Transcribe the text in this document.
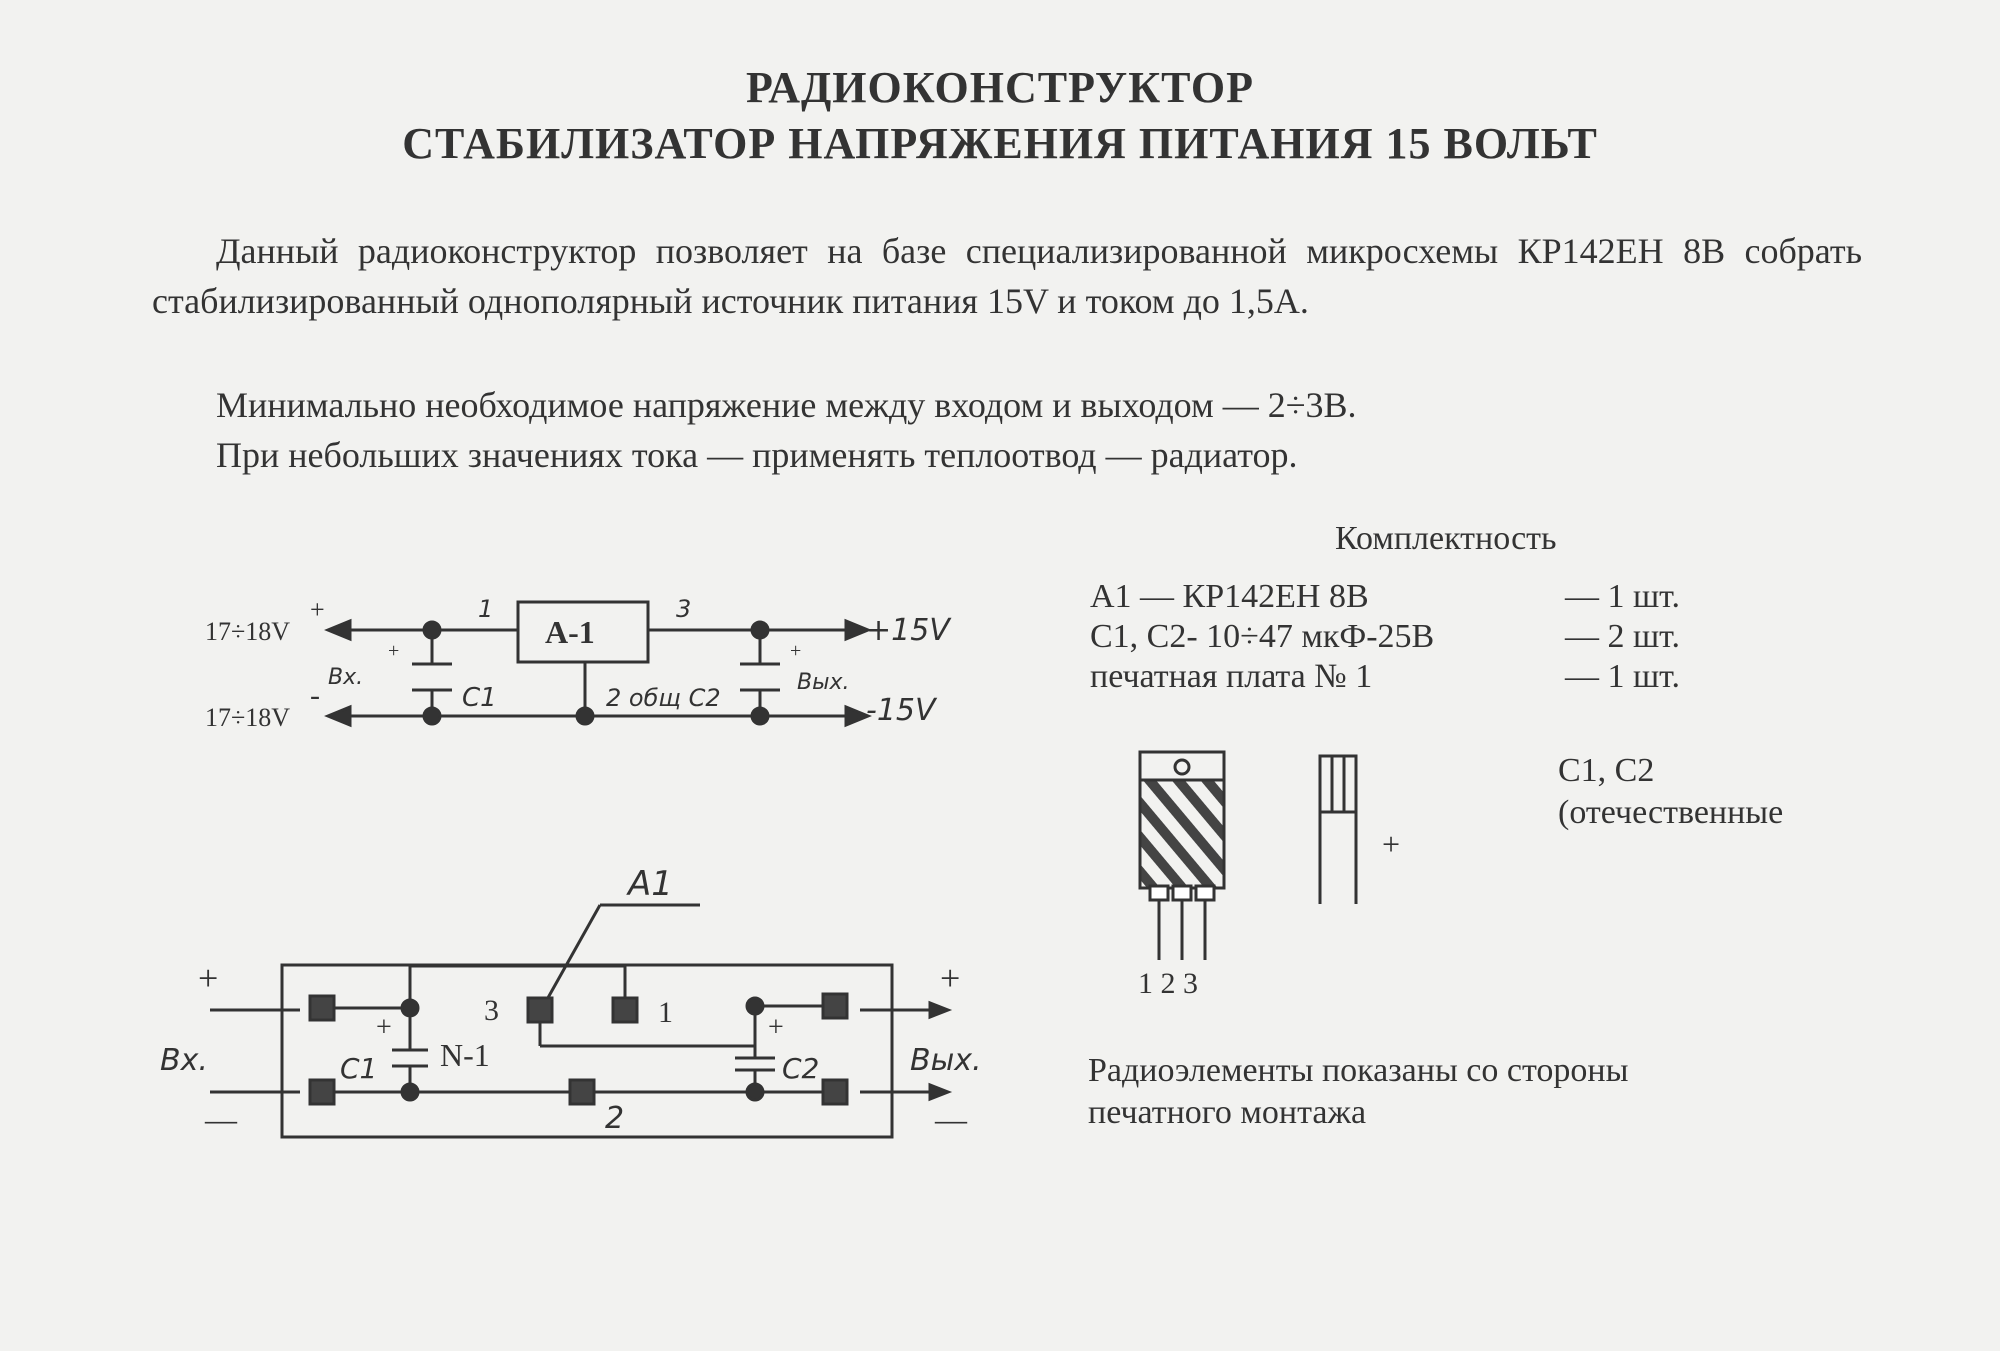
РАДИОКОНСТРУКТОР
СТАБИЛИЗАТОР НАПРЯЖЕНИЯ ПИТАНИЯ 15 ВОЛЬТ
Данный радиоконструктор позволяет на базе специализированной микросхемы КР142ЕН 8В собрать стабилизированный однополярный источник питания 15V и током до 1,5А.
Минимально необходимое напряжение между входом и выходом — 2÷3В.
При небольших значениях тока — применять теплоотвод — радиатор.
Комплектность
А1 — КР142ЕН 8В	— 1 шт.
С1, С2- 10÷47 мкФ-25В	— 2 шт.
печатная плата № 1	— 1 шт.
С1, С2
(отечественные
Радиоэлементы показаны со стороны
печатного монтажа
17÷18V
17÷18V
+
-
1	3
А-1
Вх.
+	+
С1	2 общ С2
Вых.
+15V
-15V
А1
+
—
Вх.
+
—
Вых.
3	1
2
N-1
С1	С2
+	+
1 2 3
+
